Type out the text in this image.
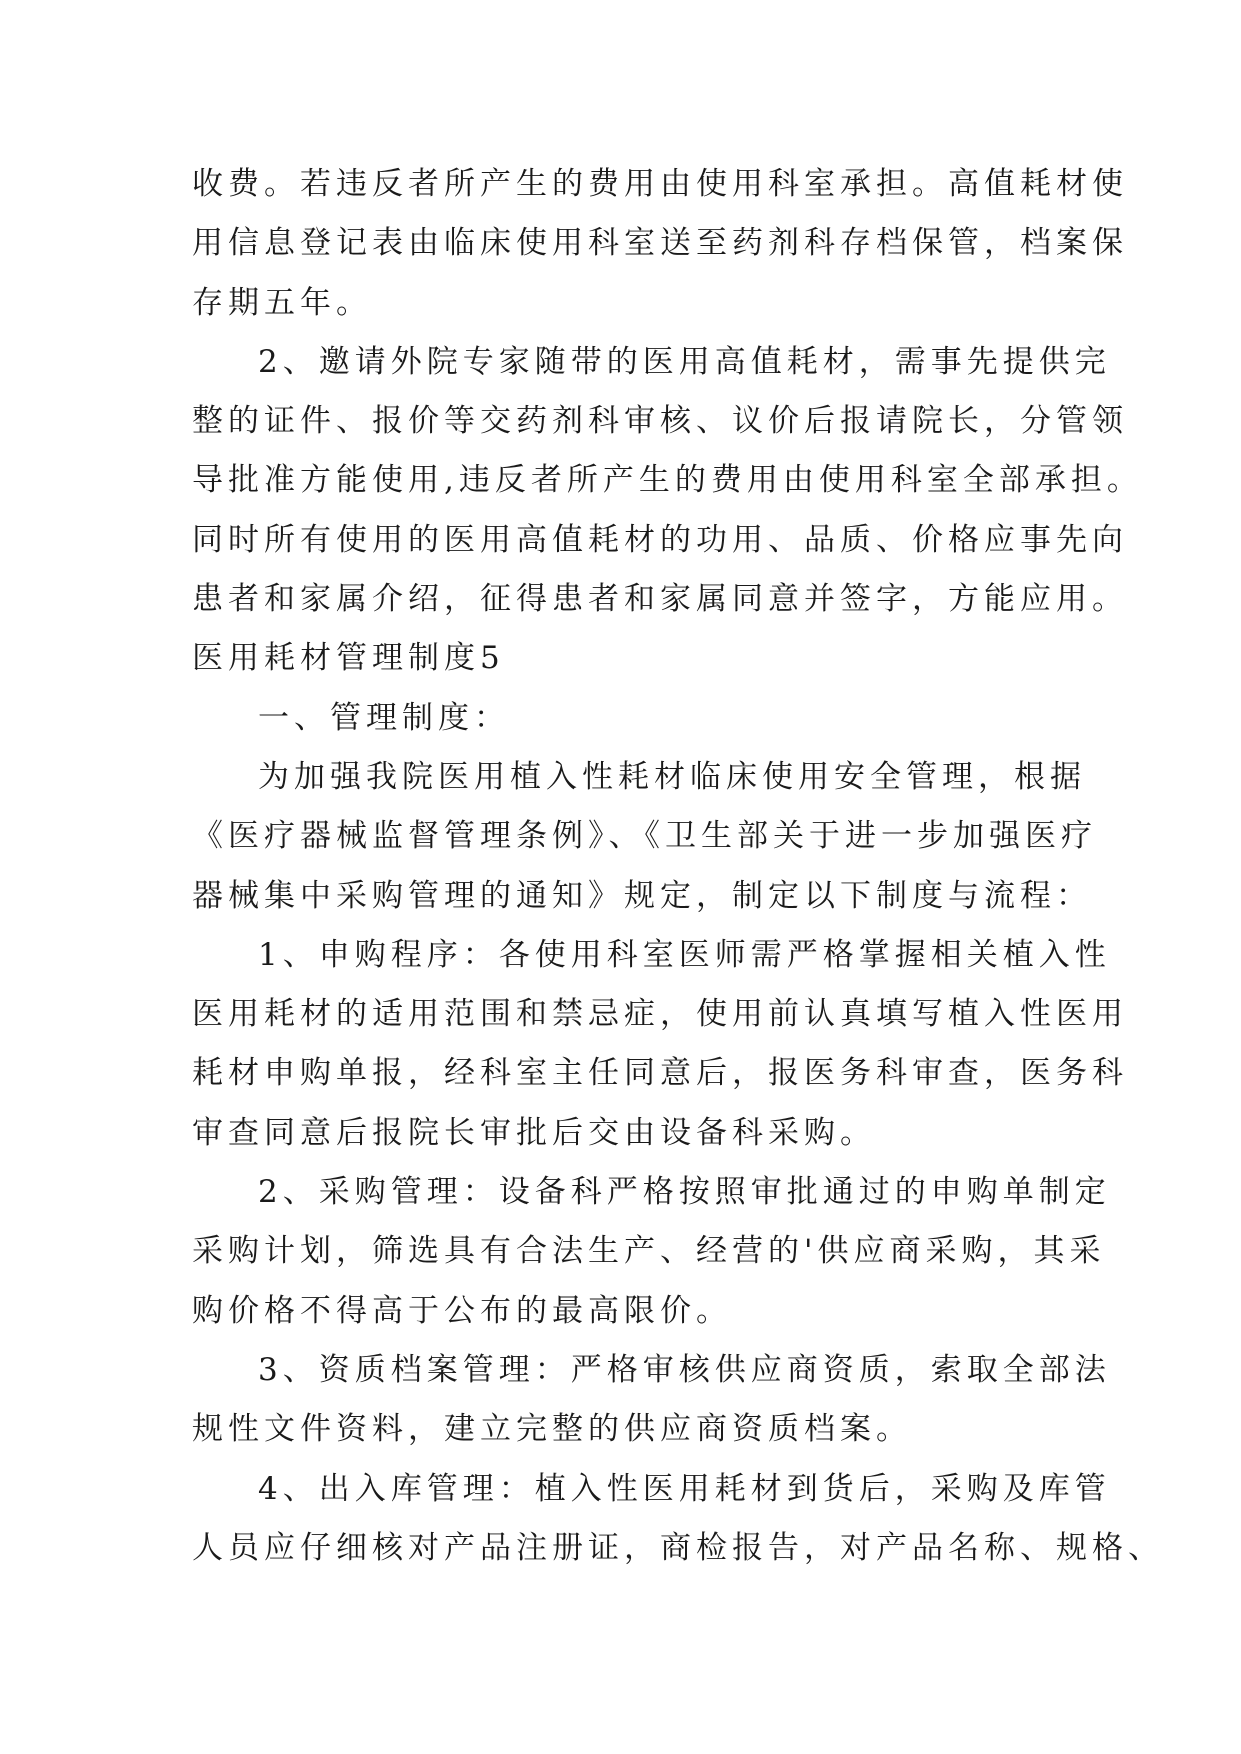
收费。若违反者所产生的费用由使用科室承担。高值耗材使
用信息登记表由临床使用科室送至药剂科存档保管，档案保
存期五年。
2、邀请外院专家随带的医用高值耗材，需事先提供完
整的证件、报价等交药剂科审核、议价后报请院长，分管领
导批准方能使用,违反者所产生的费用由使用科室全部承担。
同时所有使用的医用高值耗材的功用、品质、价格应事先向
患者和家属介绍，征得患者和家属同意并签字，方能应用。
医用耗材管理制度5
一、管理制度：
为加强我院医用植入性耗材临床使用安全管理，根据
《医疗器械监督管理条例》、《卫生部关于进一步加强医疗
器械集中采购管理的通知》规定，制定以下制度与流程：
1、申购程序：各使用科室医师需严格掌握相关植入性
医用耗材的适用范围和禁忌症，使用前认真填写植入性医用
耗材申购单报，经科室主任同意后，报医务科审查，医务科
审查同意后报院长审批后交由设备科采购。
2、采购管理：设备科严格按照审批通过的申购单制定
采购计划，筛选具有合法生产、经营的'供应商采购，其采
购价格不得高于公布的最高限价。
3、资质档案管理：严格审核供应商资质，索取全部法
规性文件资料，建立完整的供应商资质档案。
4、出入库管理：植入性医用耗材到货后，采购及库管
人员应仔细核对产品注册证，商检报告，对产品名称、规格、
